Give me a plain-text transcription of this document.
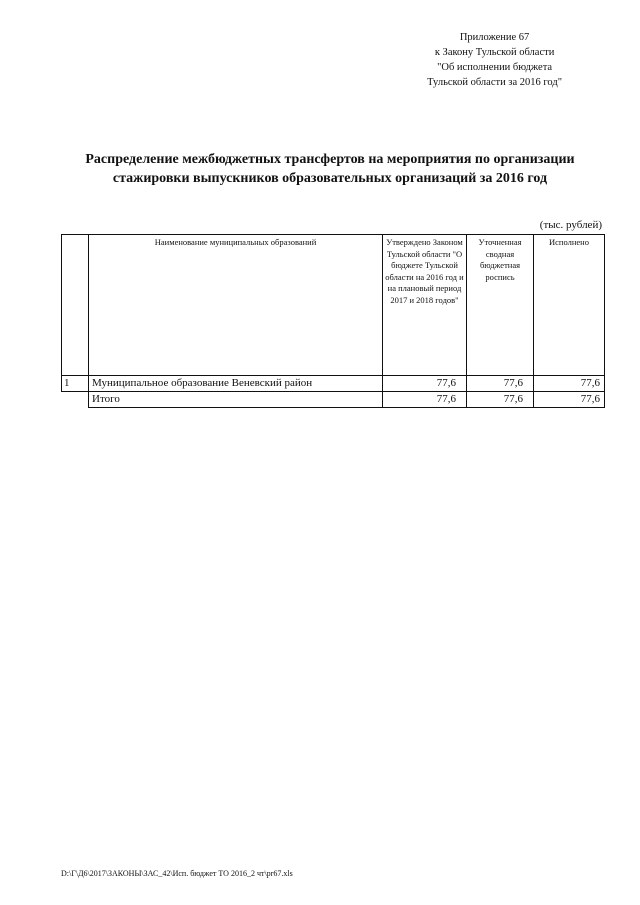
Приложение 67
к Закону Тульской области
"Об исполнении бюджета
Тульской области за 2016 год"
Распределение межбюджетных трансфертов на мероприятия по организации
стажировки выпускников образовательных организаций за 2016 год
(тыс. рублей)
	Наименование муниципальных образований	Утверждено Законом Тульской области "О бюджете Тульской области на 2016 год и на плановый период 2017 и 2018 годов"	Уточненная сводная бюджетная роспись	Исполнено
1	Муниципальное образование Веневский район	77,6	77,6	77,6
	Итого	77,6	77,6	77,6
D:\Г\Д6\2017\ЗАКОНЫ\ЗАС_42\Исп. бюджет ТО 2016_2 чт\pr67.xls
